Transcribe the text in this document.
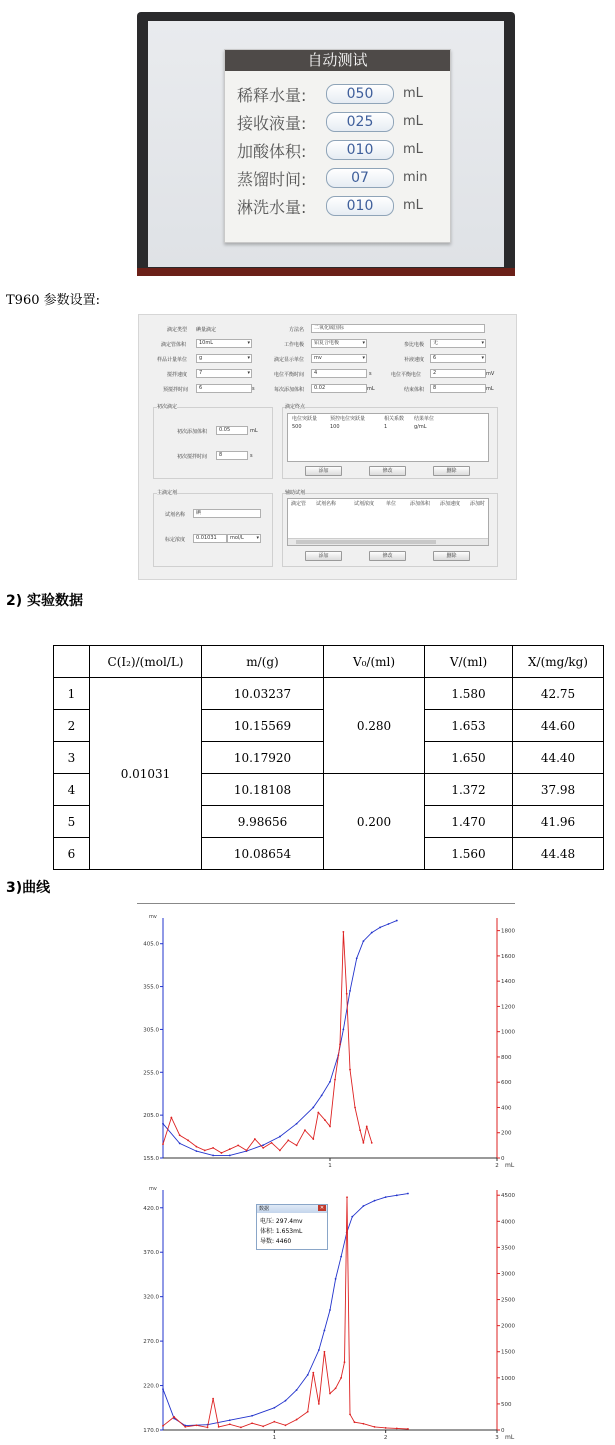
自动测试
稀释水量:	050	mL
接收液量:	025	mL
加酸体积:	010	mL
蒸馏时间:	07	min
淋洗水量:	010	mL
T960 参数设置:
滴定类型 碘量滴定	方法名	二氧化硫国标
滴定管体积	10mL ▾	工作电极	铂复合电极 ▾	参比电极	无 ▾
样品计量单位	g ▾	滴定显示单位	mv ▾	补液速度	6 ▾
搅拌速度	7 ▾	电位平衡时间	4	s	电位平衡电位	2	mV
预搅拌时间	6	s	每次添加体积	0.02	mL	结束体积	8	mL
初次滴定
初次添加体积	0.05	mL
初次搅拌时间	8	s
滴定终点
电位突跃量	预控电位突跃量	相关系数 结果单位
500	100	1	g/mL
添加	修改	删除
主滴定剂
试剂名称	碘
标定浓度	0.01031	mol/L ▾
辅助试剂
滴定管 试剂名称	试剂浓度 单位	添加体积 添加速度 添加时
添加	修改	删除
2) 实验数据
	C(I₂)/(mol/L)	m/(g)	V₀/(ml)	V/(ml)	X/(mg/kg)
1	0.01031	10.03237	0.280	1.580	42.75
2		10.15569		1.653	44.60
3		10.17920		1.650	44.40
4		10.18108	0.200	1.372	37.98
5		9.98656		1.470	41.96
6		10.08654		1.560	44.48
3)曲线
mv
mL
155.0
205.0
255.0
305.0
355.0
405.0
0
200
400
600
800
1000
1200
1400
1600
1800
1	2
mv
mL
170.0
220.0
270.0
320.0
370.0
420.0
0
500
1000
1500
2000
2500
3000
3500
4000
4500
1	2	3
数据	✕
电压: 297.4mv
体积: 1.653mL
导数: 4460
